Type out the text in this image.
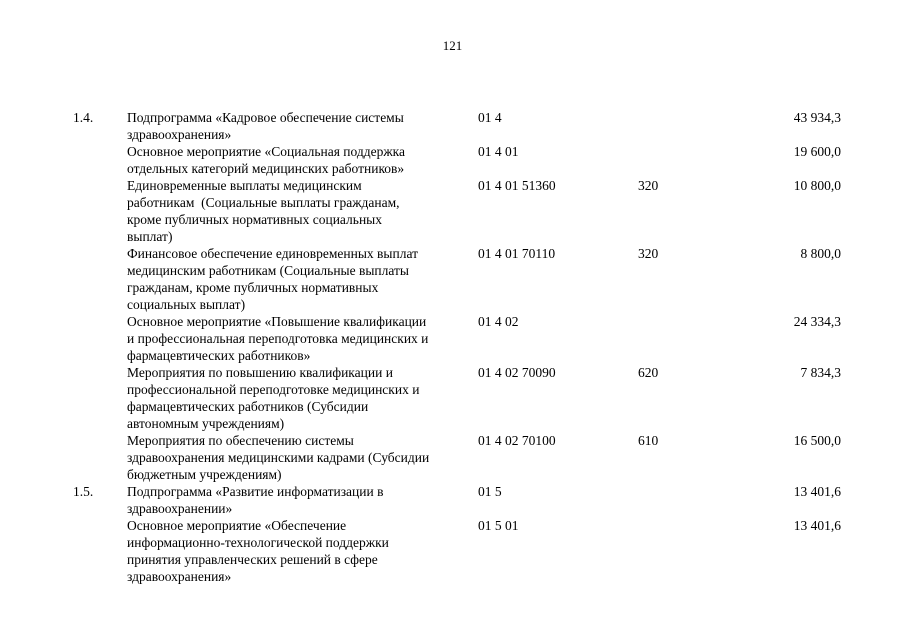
121
1.4.	Подпрограмма «Кадровое обеспечение системы
здравоохранения»
01 4	43 934,3
Основное мероприятие «Социальная поддержка
отдельных категорий медицинских работников»
01 4 01	19 600,0
Единовременные выплаты медицинским
работникам  (Социальные выплаты гражданам,
кроме публичных нормативных социальных
выплат)
01 4 01 51360	320	10 800,0
Финансовое обеспечение единовременных выплат
медицинским работникам (Социальные выплаты
гражданам, кроме публичных нормативных
социальных выплат)
01 4 01 70110	320	8 800,0
Основное мероприятие «Повышение квалификации
и профессиональная переподготовка медицинских и
фармацевтических работников»
01 4 02	24 334,3
Мероприятия по повышению квалификации и
профессиональной переподготовке медицинских и
фармацевтических работников (Субсидии
автономным учреждениям)
01 4 02 70090	620	7 834,3
Мероприятия по обеспечению системы
здравоохранения медицинскими кадрами (Субсидии
бюджетным учреждениям)
01 4 02 70100	610	16 500,0
1.5.	Подпрограмма «Развитие информатизации в
здравоохранении»
01 5	13 401,6
Основное мероприятие «Обеспечение
информационно-технологической поддержки
принятия управленческих решений в сфере
здравоохранения»
01 5 01	13 401,6
